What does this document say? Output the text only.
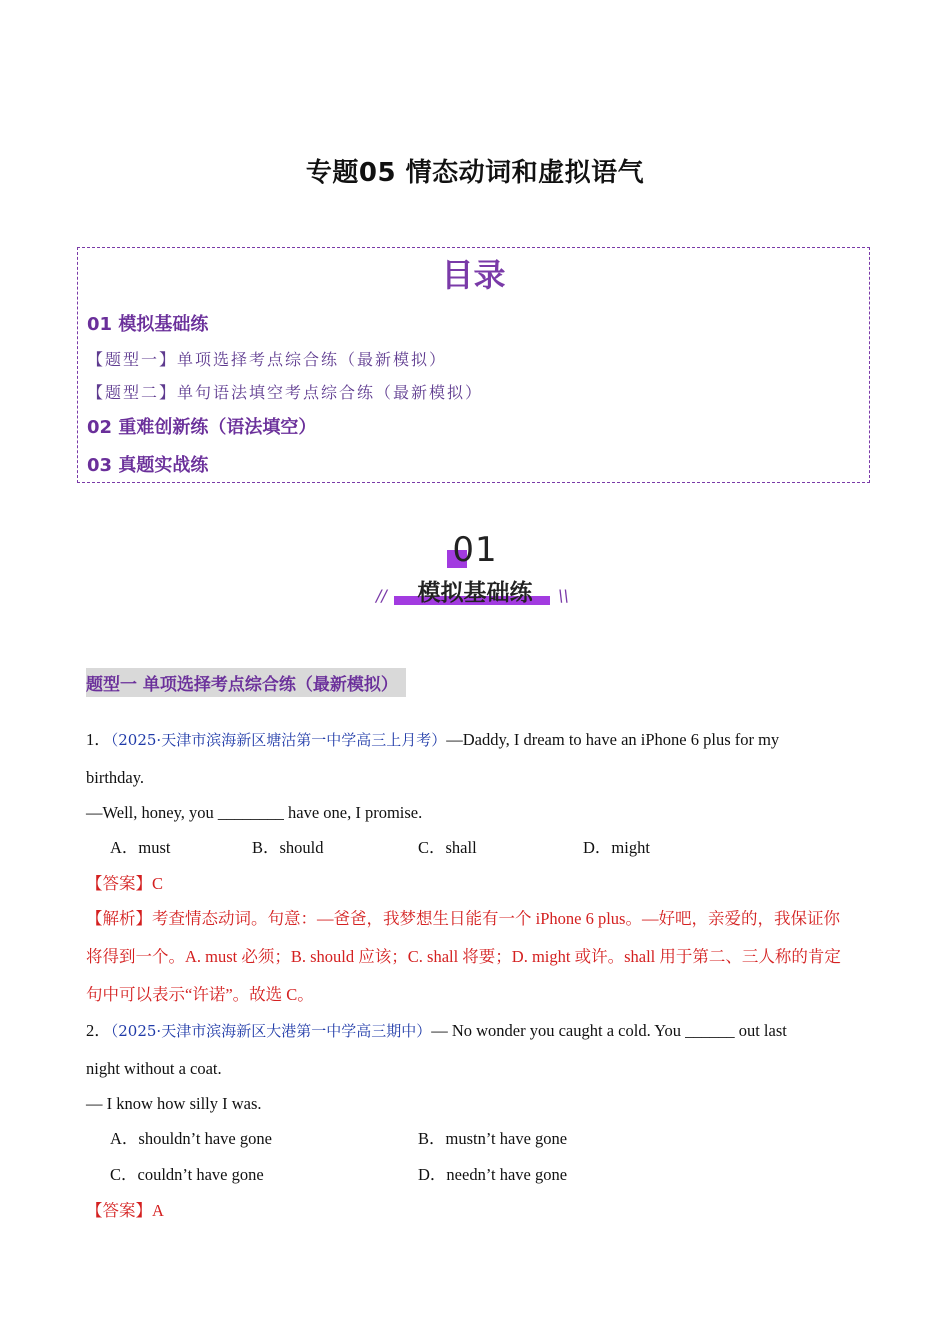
专题05 情态动词和虚拟语气
目录
01 模拟基础练
【题型一】单项选择考点综合练（最新模拟）
【题型二】单句语法填空考点综合练（最新模拟）
02 重难创新练（语法填空）
03 真题实战练
01
模拟基础练
//	\\
题型一 单项选择考点综合练（最新模拟）
1．（2025·天津市滨海新区塘沽第一中学高三上月考）—Daddy, I dream to have an iPhone 6 plus for my
birthday.
—Well, honey, you ________ have one, I promise.
A．must	B．should	C．shall	D．might
【答案】C
【解析】考查情态动词。句意：—爸爸，我梦想生日能有一个 iPhone 6 plus。—好吧，亲爱的，我保证你
将得到一个。A. must 必须；B. should 应该；C. shall 将要；D. might 或许。shall 用于第二、三人称的肯定
句中可以表示“许诺”。故选 C。
2．（2025·天津市滨海新区大港第一中学高三期中）— No wonder you caught a cold. You ______ out last
night without a coat.
— I know how silly I was.
A．shouldn’t have gone	B．mustn’t have gone
C．couldn’t have gone	D．needn’t have gone
【答案】A
